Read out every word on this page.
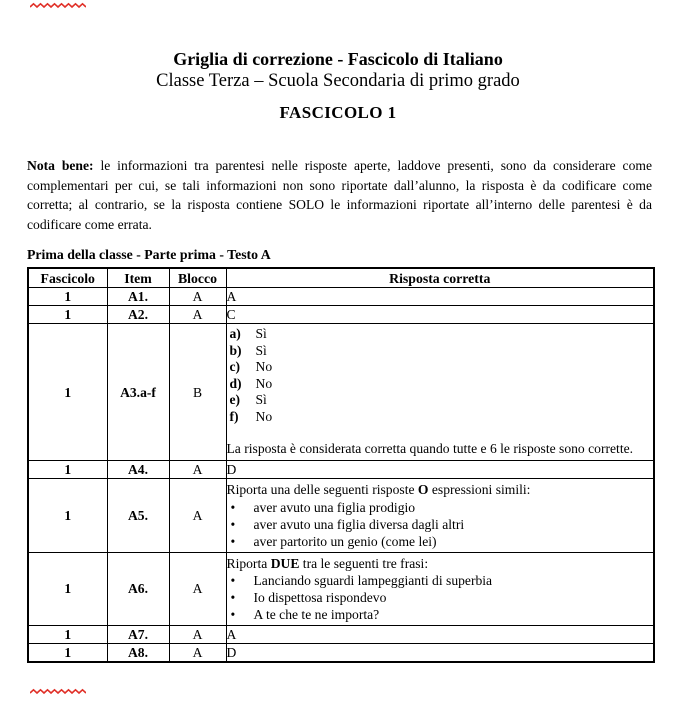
Griglia di correzione - Fascicolo di Italiano
Classe Terza – Scuola Secondaria di primo grado
FASCICOLO 1

Nota bene: le informazioni tra parentesi nelle risposte aperte, laddove presenti, sono da considerare come complementari per cui, se tali informazioni non sono riportate dall’alunno, la risposta è da codificare come corretta; al contrario, se la risposta contiene SOLO le informazioni riportate all’interno delle parentesi è da codificare come errata.

Prima della classe - Parte prima - Testo A
Fascicolo	Item	Blocco	Risposta corretta
1	A1.	A	A
1	A2.	A	C
1	A3.a-f	B	
a)	Sì
b)	Sì
c)	No
d)	No
e)	Sì
f)	No
La risposta è considerata corretta quando tutte e 6 le risposte sono corrette.

1	A4.	A	D
1	A5.	A	
Riporta una delle seguenti risposte O espressioni simili:
•	aver avuto una figlia prodigio
•	aver avuto una figlia diversa dagli altri
•	aver partorito un genio (come lei)

1	A6.	A	
Riporta DUE tra le seguenti tre frasi:
•	Lanciando sguardi lampeggianti di superbia
•	Io dispettosa rispondevo
•	A te che te ne importa?

1	A7.	A	A
1	A8.	A	D
